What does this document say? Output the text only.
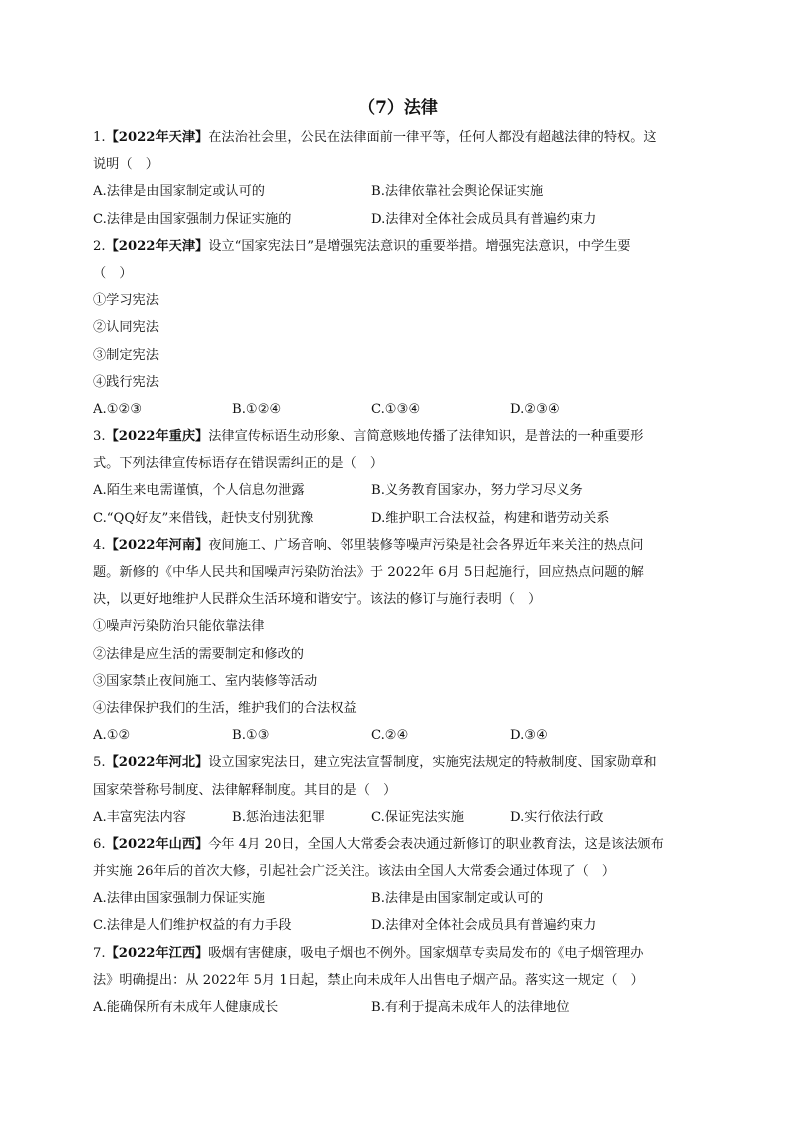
（7）法律
1.【2022年天津】在法治社会里，公民在法律面前一律平等，任何人都没有超越法律的特权。这
说明（　）
A.法律是由国家制定或认可的	B.法律依靠社会舆论保证实施
C.法律是由国家强制力保证实施的	D.法律对全体社会成员具有普遍约束力
2.【2022年天津】设立“国家宪法日”是增强宪法意识的重要举措。增强宪法意识，中学生要
（　）
①学习宪法
②认同宪法
③制定宪法
④践行宪法
A.①②③	B.①②④	C.①③④	D.②③④
3.【2022年重庆】法律宣传标语生动形象、言简意赅地传播了法律知识，是普法的一种重要形
式。下列法律宣传标语存在错误需纠正的是（　）
A.陌生来电需谨慎，个人信息勿泄露	B.义务教育国家办，努力学习尽义务
C.“QQ好友”来借钱，赶快支付别犹豫	D.维护职工合法权益，构建和谐劳动关系
4.【2022年河南】夜间施工、广场音响、邻里装修等噪声污染是社会各界近年来关注的热点问
题。新修的《中华人民共和国噪声污染防治法》于 2022年 6月 5日起施行，回应热点问题的解
决，以更好地维护人民群众生活环境和谐安宁。该法的修订与施行表明（　）
①噪声污染防治只能依靠法律
②法律是应生活的需要制定和修改的
③国家禁止夜间施工、室内装修等活动
④法律保护我们的生活，维护我们的合法权益
A.①②	B.①③	C.②④	D.③④
5.【2022年河北】设立国家宪法日，建立宪法宣誓制度，实施宪法规定的特赦制度、国家勋章和
国家荣誉称号制度、法律解释制度。其目的是（　）
A.丰富宪法内容	B.惩治违法犯罪	C.保证宪法实施	D.实行依法行政
6.【2022年山西】今年 4月 20日，全国人大常委会表决通过新修订的职业教育法，这是该法颁布
并实施 26年后的首次大修，引起社会广泛关注。该法由全国人大常委会通过体现了（　）
A.法律由国家强制力保证实施	B.法律是由国家制定或认可的
C.法律是人们维护权益的有力手段	D.法律对全体社会成员具有普遍约束力
7.【2022年江西】吸烟有害健康，吸电子烟也不例外。国家烟草专卖局发布的《电子烟管理办
法》明确提出：从 2022年 5月 1日起，禁止向未成年人出售电子烟产品。落实这一规定（　）
A.能确保所有未成年人健康成长	B.有利于提高未成年人的法律地位
